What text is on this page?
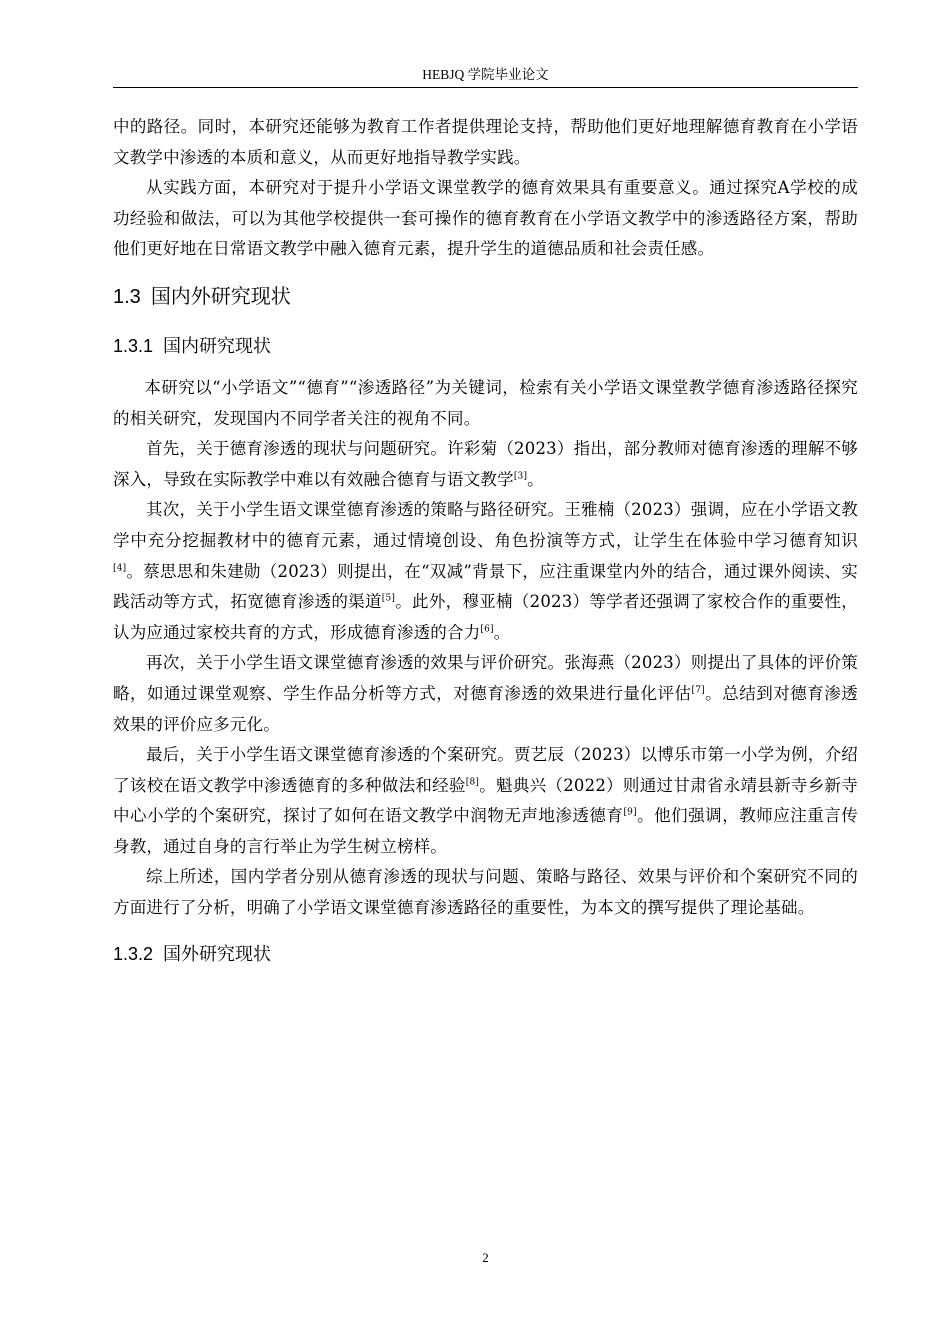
HEBJQ 学院毕业论文

中的路径。同时，本研究还能够为教育工作者提供理论支持，帮助他们更好地理解德育教育在小学语文教学中渗透的本质和意义，从而更好地指导教学实践。

从实践方面，本研究对于提升小学语文课堂教学的德育效果具有重要意义。通过探究A学校的成功经验和做法，可以为其他学校提供一套可操作的德育教育在小学语文教学中的渗透路径方案，帮助他们更好地在日常语文教学中融入德育元素，提升学生的道德品质和社会责任感。

1.3 国内外研究现状
1.3.1 国内研究现状

本研究以“小学语文”“德育”“渗透路径”为关键词，检索有关小学语文课堂教学德育渗透路径探究的相关研究，发现国内不同学者关注的视角不同。

首先，关于德育渗透的现状与问题研究。许彩菊（2023）指出，部分教师对德育渗透的理解不够深入，导致在实际教学中难以有效融合德育与语文教学[3]。

其次，关于小学生语文课堂德育渗透的策略与路径研究。王雅楠（2023）强调，应在小学语文教学中充分挖掘教材中的德育元素，通过情境创设、角色扮演等方式，让学生在体验中学习德育知识[4]。蔡思思和朱建勋（2023）则提出，在“双减”背景下，应注重课堂内外的结合，通过课外阅读、实践活动等方式，拓宽德育渗透的渠道[5]。此外，穆亚楠（2023）等学者还强调了家校合作的重要性，认为应通过家校共育的方式，形成德育渗透的合力[6]。

再次，关于小学生语文课堂德育渗透的效果与评价研究。张海燕（2023）则提出了具体的评价策略，如通过课堂观察、学生作品分析等方式，对德育渗透的效果进行量化评估[7]。总结到对德育渗透效果的评价应多元化。

最后，关于小学生语文课堂德育渗透的个案研究。贾艺辰（2023）以博乐市第一小学为例，介绍了该校在语文教学中渗透德育的多种做法和经验[8]。魁典兴（2022）则通过甘肃省永靖县新寺乡新寺中心小学的个案研究，探讨了如何在语文教学中润物无声地渗透德育[9]。他们强调，教师应注重言传身教，通过自身的言行举止为学生树立榜样。

综上所述，国内学者分别从德育渗透的现状与问题、策略与路径、效果与评价和个案研究不同的方面进行了分析，明确了小学语文课堂德育渗透路径的重要性，为本文的撰写提供了理论基础。

1.3.2 国外研究现状
2
